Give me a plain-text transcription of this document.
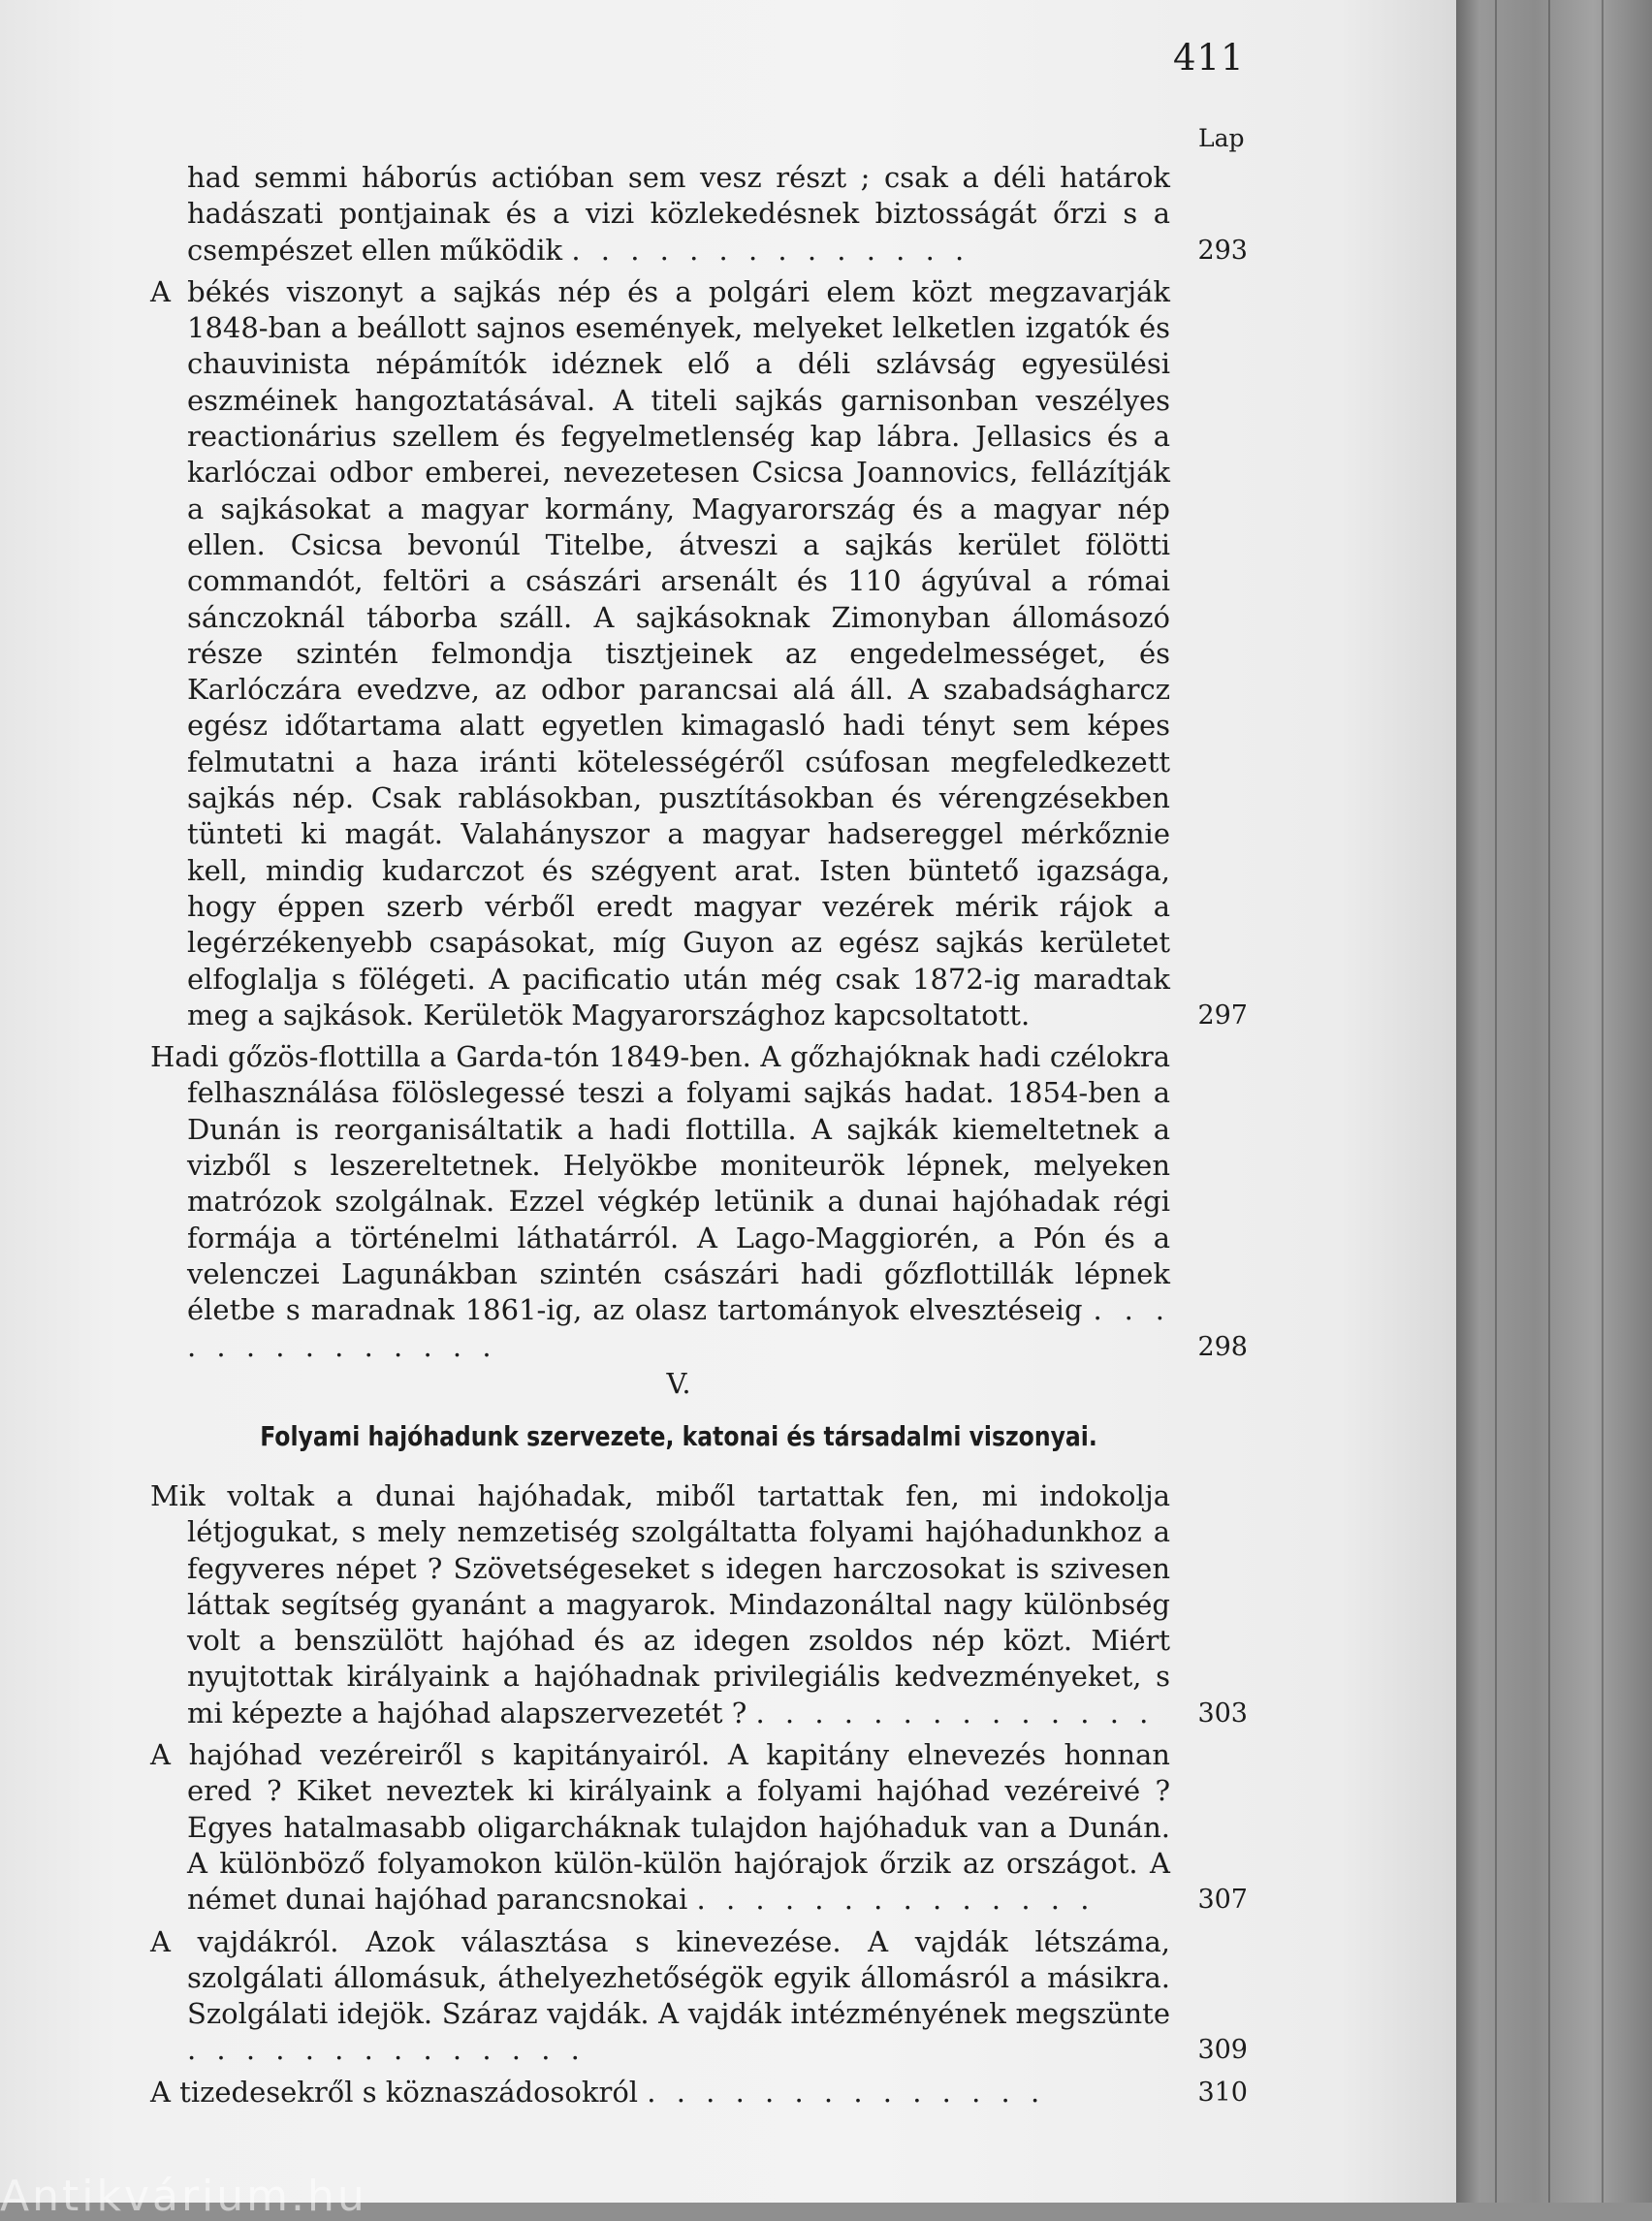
411
Lap
had semmi háborús actióban sem vesz részt ; csak a déli határok hadászati pontjainak és a vizi közlekedésnek biztosságát őrzi s a csempészet ellen működik . . . . . . . . . . . . . .	293
A békés viszonyt a sajkás nép és a polgári elem közt megzavarják 1848-ban a beállott sajnos események, melyeket lelketlen izgatók és chauvinista népámítók idéznek elő a déli szlávság egyesülési eszméinek hangoztatásával. A titeli sajkás garnisonban veszélyes reactionárius szellem és fegyelmetlenség kap lábra. Jellasics és a karlóczai odbor emberei, nevezetesen Csicsa Joannovics, fellázítják a sajkásokat a magyar kormány, Magyarország és a magyar nép ellen. Csicsa bevonúl Titelbe, átveszi a sajkás kerület fölötti commandót, feltöri a császári arsenált és 110 ágyúval a római sánczoknál táborba száll. A sajkásoknak Zimonyban állomásozó része szintén felmondja tisztjeinek az engedelmességet, és Karlóczára evedzve, az odbor parancsai alá áll. A szabadságharcz egész időtartama alatt egyetlen kimagasló hadi tényt sem képes felmutatni a haza iránti kötelességéről csúfosan megfeledkezett sajkás nép. Csak rablásokban, pusztításokban és vérengzésekben tünteti ki magát. Valahányszor a magyar hadsereggel mérkőznie kell, mindig kudarczot és szégyent arat. Isten büntető igazsága, hogy éppen szerb vérből eredt magyar vezérek mérik rájok a legérzékenyebb csapásokat, míg Guyon az egész sajkás kerületet elfoglalja s fölégeti. A pacificatio után még csak 1872-ig maradtak meg a sajkások. Kerületök Magyarországhoz kapcsoltatott.	297
Hadi gőzös-flottilla a Garda-tón 1849-ben. A gőzhajóknak hadi czélokra felhasználása fölöslegessé teszi a folyami sajkás hadat. 1854-ben a Dunán is reorganisáltatik a hadi flottilla. A sajkák kiemeltetnek a vizből s leszereltetnek. Helyökbe moniteurök lépnek, melyeken matrózok szolgálnak. Ezzel végkép letünik a dunai hajóhadak régi formája a történelmi láthatárról. A Lago-Maggiorén, a Pón és a velenczei Lagunákban szintén császári hadi gőzflottillák lépnek életbe s maradnak 1861-ig, az olasz tartományok elvesztéseig . . . . . . . . . . . . . .	298
V.
Folyami hajóhadunk szervezete, katonai és társadalmi viszonyai.
Mik voltak a dunai hajóhadak, miből tartattak fen, mi indokolja létjogukat, s mely nemzetiség szolgáltatta folyami hajóhadunkhoz a fegyveres népet ? Szövetségeseket s idegen harczosokat is szivesen láttak segítség gyanánt a magyarok. Mindazonáltal nagy különbség volt a benszülött hajóhad és az idegen zsoldos nép közt. Miért nyujtottak királyaink a hajóhadnak privilegiális kedvezményeket, s mi képezte a hajóhad alapszervezetét ? . . . . . . . . . . . . . .	303
A hajóhad vezéreiről s kapitányairól. A kapitány elnevezés honnan ered ? Kiket neveztek ki királyaink a folyami hajóhad vezéreivé ? Egyes hatalmasabb oligarcháknak tulajdon hajóhaduk van a Dunán. A különböző folyamokon külön-külön hajórajok őrzik az országot. A német dunai hajóhad parancsnokai . . . . . . . . . . . . . .	307
A vajdákról. Azok választása s kinevezése. A vajdák létszáma, szolgálati állomásuk, áthelyezhetőségök egyik állomásról a másikra. Szolgálati idejök. Száraz vajdák. A vajdák intézményének megszünte . . . . . . . . . . . . . .	309
A tizedesekről s köznaszádosokról . . . . . . . . . . . . . .	310
Antikvárium.hu
